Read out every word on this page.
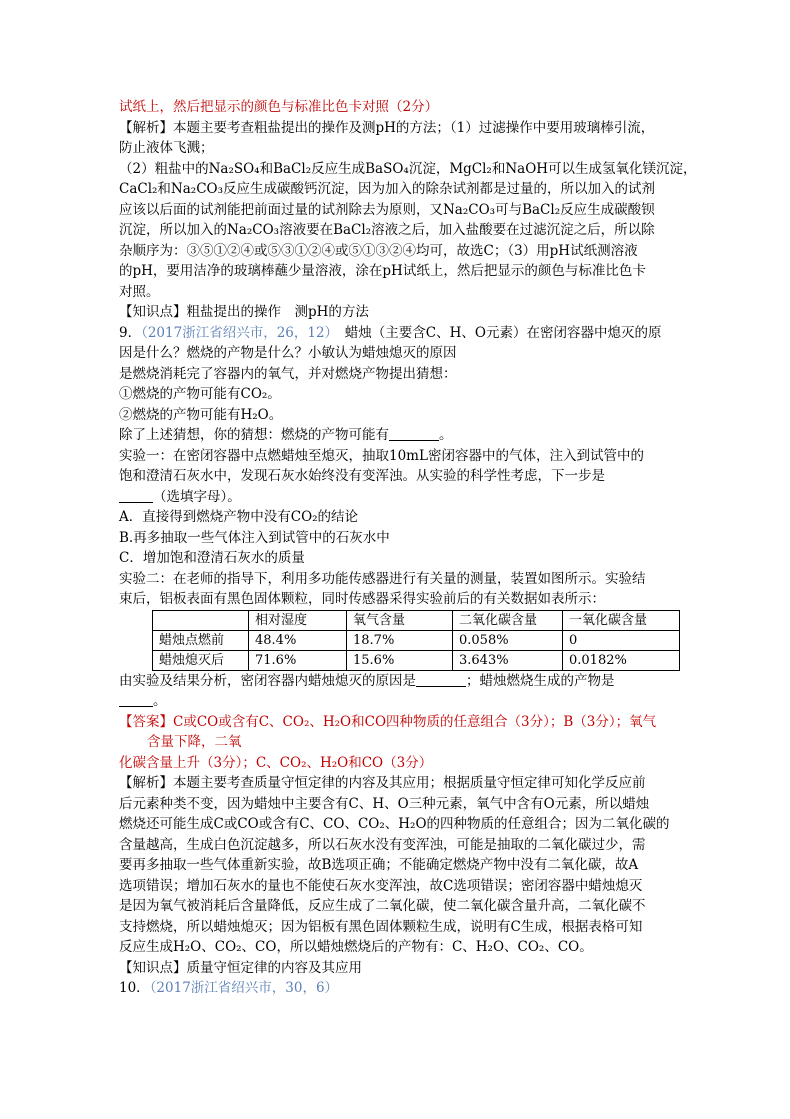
试纸上，然后把显示的颜色与标准比色卡对照（2分）
【解析】本题主要考查粗盐提出的操作及测pH的方法；（1）过滤操作中要用玻璃棒引流，
防止液体飞溅；
（2）粗盐中的Na₂SO₄和BaCl₂反应生成BaSO₄沉淀，MgCl₂和NaOH可以生成氢氧化镁沉淀，
CaCl₂和Na₂CO₃反应生成碳酸钙沉淀，因为加入的除杂试剂都是过量的，所以加入的试剂
应该以后面的试剂能把前面过量的试剂除去为原则，又Na₂CO₃可与BaCl₂反应生成碳酸钡
沉淀，所以加入的Na₂CO₃溶液要在BaCl₂溶液之后，加入盐酸要在过滤沉淀之后，所以除
杂顺序为：③⑤①②④或⑤③①②④或⑤①③②④均可，故选C；（3）用pH试纸测溶液
的pH，要用洁净的玻璃棒蘸少量溶液，涂在pH试纸上，然后把显示的颜色与标准比色卡
对照。
【知识点】粗盐提出的操作　测pH的方法
9．（2017浙江省绍兴市，26，12）　蜡烛（主要含C、H、O元素）在密闭容器中熄灭的原
因是什么？燃烧的产物是什么？小敏认为蜡烛熄灭的原因
是燃烧消耗完了容器内的氧气，并对燃烧产物提出猜想：
①燃烧的产物可能有CO₂。
②燃烧的产物可能有H₂O。
除了上述猜想，你的猜想：燃烧的产物可能有	。
实验一：在密闭容器中点燃蜡烛至熄灭，抽取10mL密闭容器中的气体，注入到试管中的
饱和澄清石灰水中，发现石灰水始终没有变浑浊。从实验的科学性考虑，下一步是
（选填字母）。
A．直接得到燃烧产物中没有CO₂的结论
B.再多抽取一些气体注入到试管中的石灰水中
C．增加饱和澄清石灰水的质量
实验二：在老师的指导下，利用多功能传感器进行有关量的测量，装置如图所示。实验结
束后，铝板表面有黑色固体颗粒，同时传感器采得实验前后的有关数据如表所示：
	相对湿度	氧气含量	二氧化碳含量	一氧化碳含量
蜡烛点燃前	48.4%	18.7%	0.058%	0
蜡烛熄灭后	71.6%	15.6%	3.643%	0.0182%
由实验及结果分析，密闭容器内蜡烛熄灭的原因是	；蜡烛燃烧生成的产物是
。
【答案】C或CO或含有C、CO₂、H₂O和CO四种物质的任意组合（3分）；B（3分）；氧气
含量下降，二氧
化碳含量上升（3分）；C、CO₂、H₂O和CO（3分）
【解析】本题主要考查质量守恒定律的内容及其应用；根据质量守恒定律可知化学反应前
后元素种类不变，因为蜡烛中主要含有C、H、O三种元素，氧气中含有O元素，所以蜡烛
燃烧还可能生成C或CO或含有C、CO、CO₂、H₂O的四种物质的任意组合；因为二氧化碳的
含量越高，生成白色沉淀越多，所以石灰水没有变浑浊，可能是抽取的二氧化碳过少，需
要再多抽取一些气体重新实验，故B选项正确；不能确定燃烧产物中没有二氧化碳，故A
选项错误；增加石灰水的量也不能使石灰水变浑浊，故C选项错误；密闭容器中蜡烛熄灭
是因为氧气被消耗后含量降低，反应生成了二氧化碳，使二氧化碳含量升高，二氧化碳不
支持燃烧，所以蜡烛熄灭；因为铝板有黑色固体颗粒生成，说明有C生成，根据表格可知
反应生成H₂O、CO₂、CO，所以蜡烛燃烧后的产物有：C、H₂O、CO₂、CO。
【知识点】质量守恒定律的内容及其应用
10．（2017浙江省绍兴市，30，6）
